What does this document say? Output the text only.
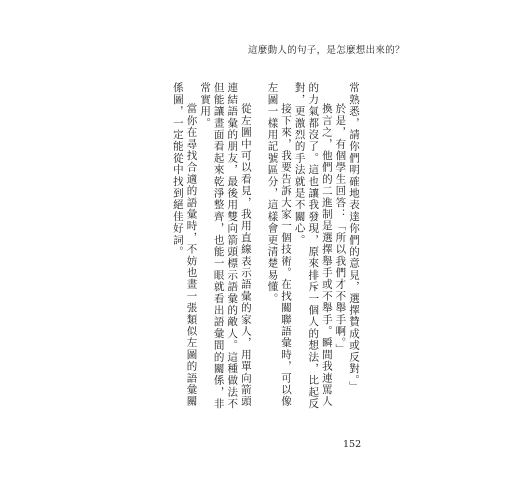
這麼動人的句子，是怎麼想出來的？

常熟悉，請你們明確地表達你們的意見，選擇贊成或反對。」

於是，有個學生回答：「所以我們才不舉手啊。」

換言之，他們的二進制是選擇舉手或不舉手。瞬間我連罵人的力氣都沒了。這也讓我發現，原來排斥一個人的想法，比起反對，更激烈的手法就是不關心。

接下來，我要告訴大家一個技術。在找關聯語彙時，可以像左圖一樣用記號區分，這樣會更清楚易懂。

從左圖中可以看見，我用直線表示語彙的家人，用單向箭頭連結語彙的朋友，最後用雙向箭頭標示語彙的敵人。這種做法不但能讓畫面看起來乾淨整齊，也能一眼就看出語彙間的關係，非常實用。

當你在尋找合適的語彙時，不妨也畫一張類似左圖的語彙關係圖，一定能從中找到絕佳好詞。

152
